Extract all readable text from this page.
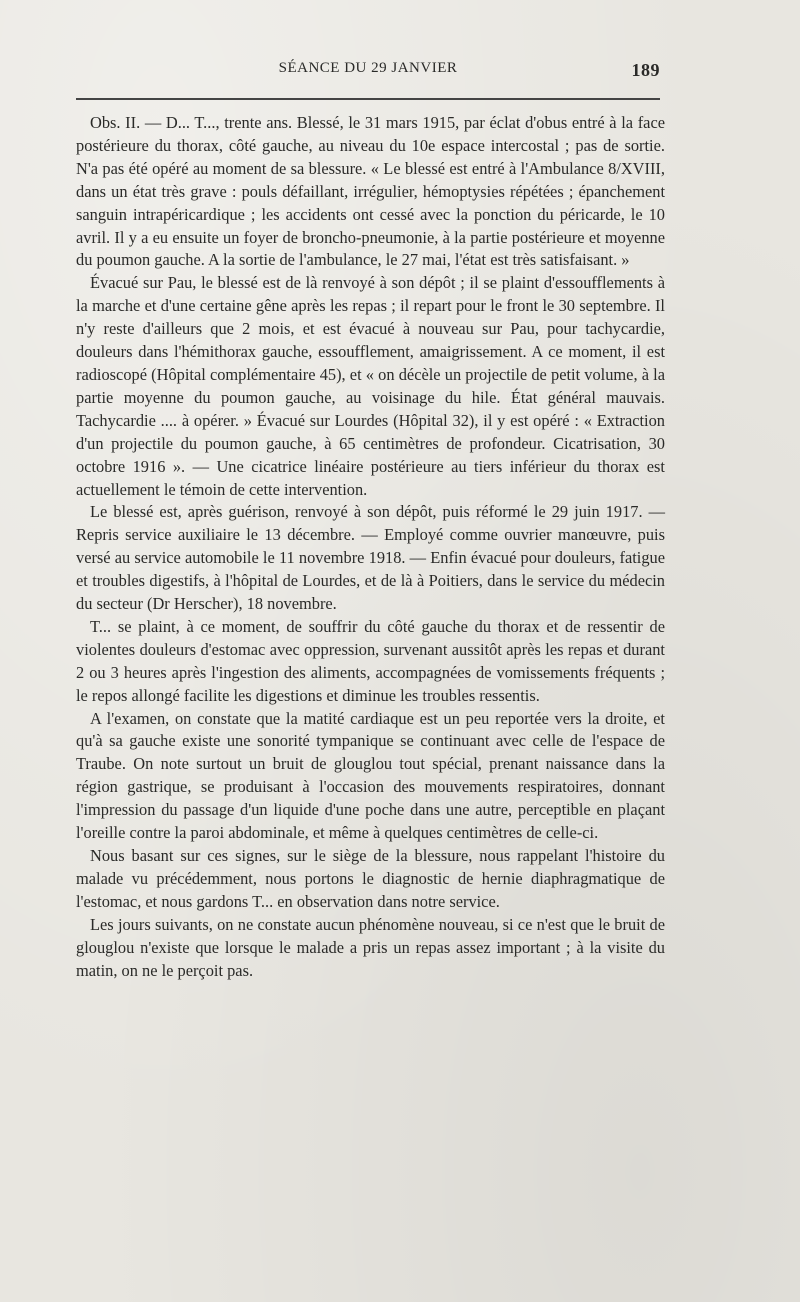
SÉANCE DU 29 JANVIER	189

Obs. II. — D... T..., trente ans. Blessé, le 31 mars 1915, par éclat d'obus entré à la face postérieure du thorax, côté gauche, au niveau du 10e espace intercostal ; pas de sortie. N'a pas été opéré au moment de sa blessure. « Le blessé est entré à l'Ambulance 8/XVIII, dans un état très grave : pouls défaillant, irrégulier, hémoptysies répétées ; épanchement sanguin intrapéricardique ; les accidents ont cessé avec la ponction du péricarde, le 10 avril. Il y a eu ensuite un foyer de broncho-pneumonie, à la partie postérieure et moyenne du poumon gauche. A la sortie de l'ambulance, le 27 mai, l'état est très satisfaisant. »

Évacué sur Pau, le blessé est de là renvoyé à son dépôt ; il se plaint d'essoufflements à la marche et d'une certaine gêne après les repas ; il repart pour le front le 30 septembre. Il n'y reste d'ailleurs que 2 mois, et est évacué à nouveau sur Pau, pour tachycardie, douleurs dans l'hémithorax gauche, essoufflement, amaigrissement. A ce moment, il est radioscopé (Hôpital complémentaire 45), et « on décèle un projectile de petit volume, à la partie moyenne du poumon gauche, au voisinage du hile. État général mauvais. Tachycardie .... à opérer. » Évacué sur Lourdes (Hôpital 32), il y est opéré : « Extraction d'un projectile du poumon gauche, à 65 centimètres de profondeur. Cicatrisation, 30 octobre 1916 ». — Une cicatrice linéaire postérieure au tiers inférieur du thorax est actuellement le témoin de cette intervention.

Le blessé est, après guérison, renvoyé à son dépôt, puis réformé le 29 juin 1917. — Repris service auxiliaire le 13 décembre. — Employé comme ouvrier manœuvre, puis versé au service automobile le 11 novembre 1918. — Enfin évacué pour douleurs, fatigue et troubles digestifs, à l'hôpital de Lourdes, et de là à Poitiers, dans le service du médecin du secteur (Dr Herscher), 18 novembre.

T... se plaint, à ce moment, de souffrir du côté gauche du thorax et de ressentir de violentes douleurs d'estomac avec oppression, survenant aussitôt après les repas et durant 2 ou 3 heures après l'ingestion des aliments, accompagnées de vomissements fréquents ; le repos allongé facilite les digestions et diminue les troubles ressentis.

A l'examen, on constate que la matité cardiaque est un peu reportée vers la droite, et qu'à sa gauche existe une sonorité tympanique se continuant avec celle de l'espace de Traube. On note surtout un bruit de glouglou tout spécial, prenant naissance dans la région gastrique, se produisant à l'occasion des mouvements respiratoires, donnant l'impression du passage d'un liquide d'une poche dans une autre, perceptible en plaçant l'oreille contre la paroi abdominale, et même à quelques centimètres de celle-ci.

Nous basant sur ces signes, sur le siège de la blessure, nous rappelant l'histoire du malade vu précédemment, nous portons le diagnostic de hernie diaphragmatique de l'estomac, et nous gardons T... en observation dans notre service.

Les jours suivants, on ne constate aucun phénomène nouveau, si ce n'est que le bruit de glouglou n'existe que lorsque le malade a pris un repas assez important ; à la visite du matin, on ne le perçoit pas.
